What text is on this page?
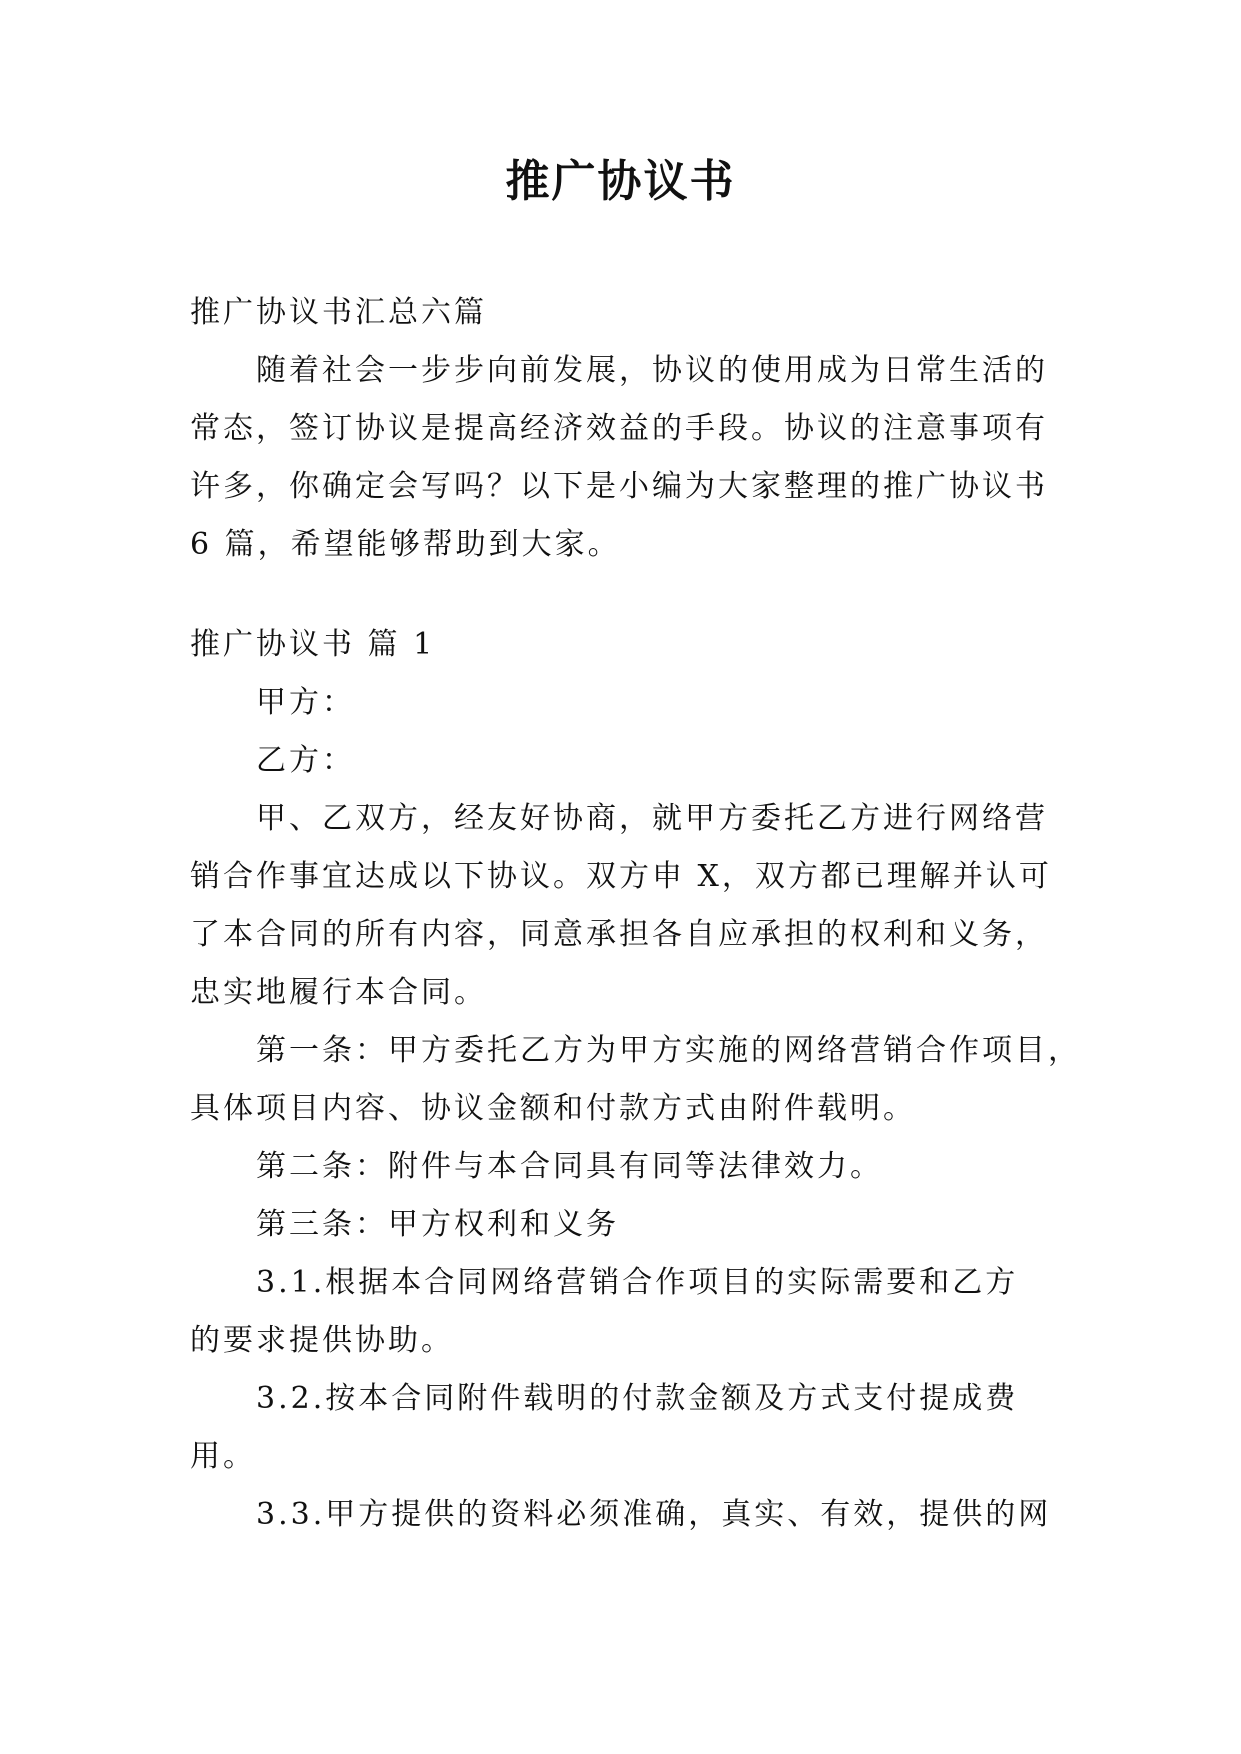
推广协议书
推广协议书汇总六篇
随着社会一步步向前发展，协议的使用成为日常生活的
常态，签订协议是提高经济效益的手段。协议的注意事项有
许多，你确定会写吗？以下是小编为大家整理的推广协议书
6 篇，希望能够帮助到大家。
推广协议书 篇 1
甲方：
乙方：
甲、乙双方，经友好协商，就甲方委托乙方进行网络营
销合作事宜达成以下协议。双方申 X，双方都已理解并认可
了本合同的所有内容，同意承担各自应承担的权利和义务，
忠实地履行本合同。
第一条：甲方委托乙方为甲方实施的网络营销合作项目，
具体项目内容、协议金额和付款方式由附件载明。
第二条：附件与本合同具有同等法律效力。
第三条：甲方权利和义务
3.1.根据本合同网络营销合作项目的实际需要和乙方
的要求提供协助。
3.2.按本合同附件载明的付款金额及方式支付提成费
用。
3.3.甲方提供的资料必须准确，真实、有效，提供的网
